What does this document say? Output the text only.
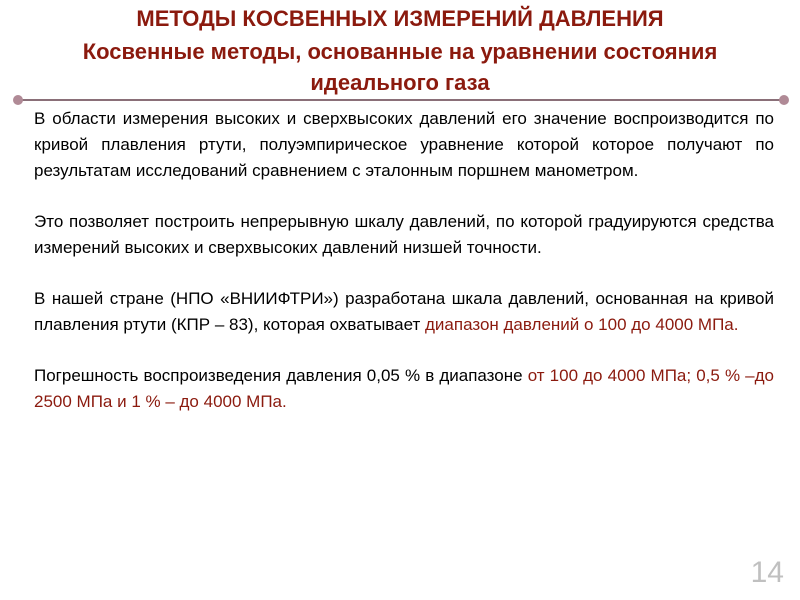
МЕТОДЫ КОСВЕННЫХ ИЗМЕРЕНИЙ ДАВЛЕНИЯ
Косвенные методы, основанные на уравнении состояния идеального газа

В области измерения высоких и сверхвысоких давлений его значение воспроизводится по кривой плавления ртути, полуэмпирическое уравнение которой которое получают по результатам исследований сравнением с эталонным поршнем манометром.

Это позволяет построить непрерывную шкалу давлений, по которой градуируются средства измерений высоких и сверхвысоких давлений низшей точности.

В нашей стране (НПО «ВНИИФТРИ») разработана шкала давлений, основанная на кривой плавления ртути (КПР – 83), которая охватывает диапазон давлений о 100 до 4000 МПа.

Погрешность воспроизведения давления 0,05 % в диапазоне от 100 до 4000 МПа; 0,5 % –до 2500 МПа и 1 % – до 4000 МПа.

14
